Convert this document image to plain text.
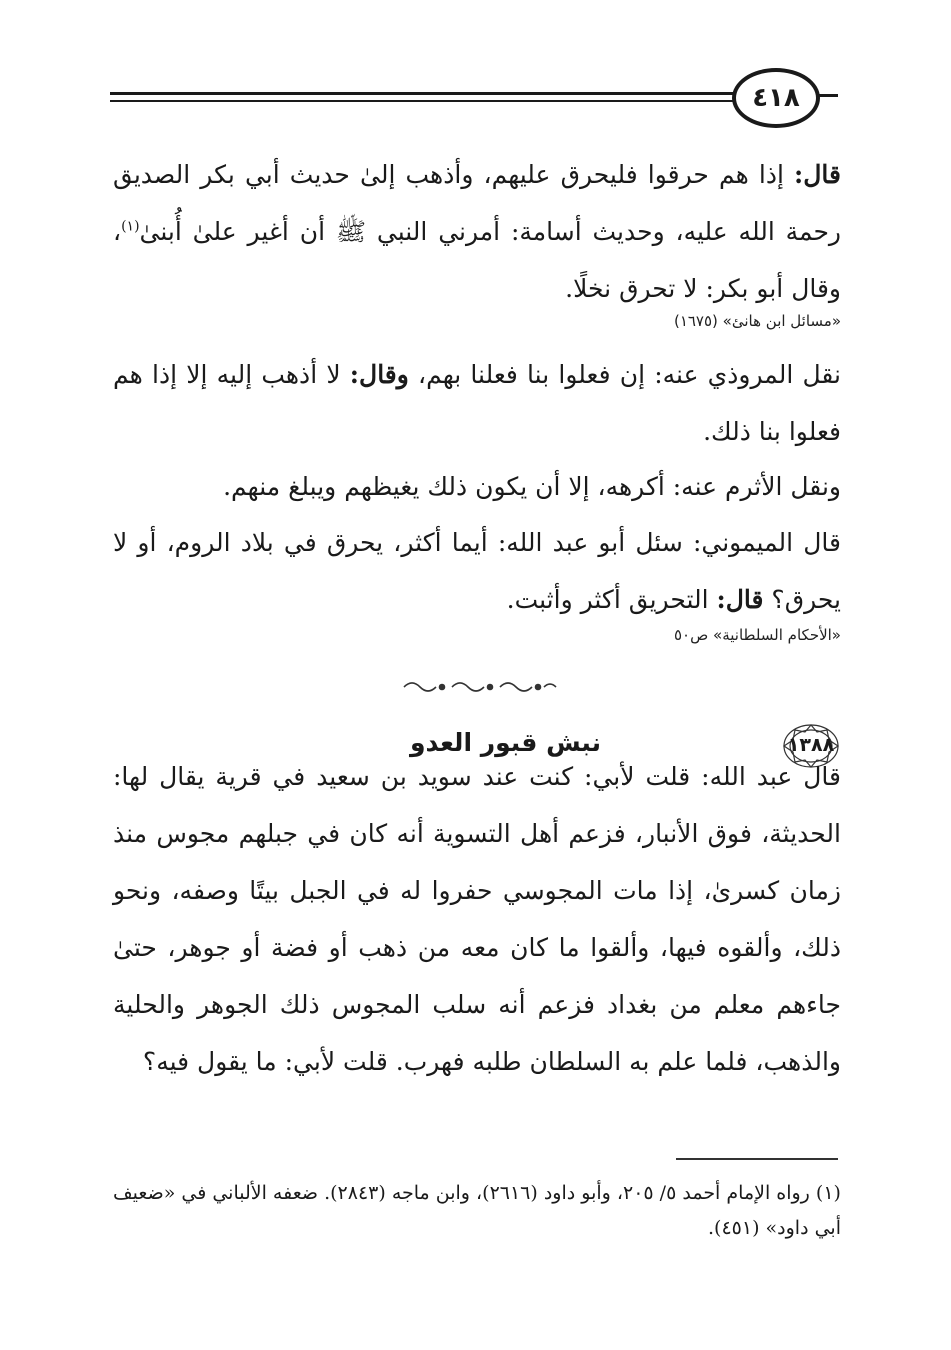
٤١٨

قال: إذا هم حرقوا فليحرق عليهم، وأذهب إلىٰ حديث أبي بكر الصديق رحمة الله عليه، وحديث أسامة: أمرني النبي ﷺ أن أغير علىٰ أُبنىٰ$^{(١)}$، وقال أبو بكر: لا تحرق نخلًا.

«مسائل ابن هانئ» (١٦٧٥)

نقل المروذي عنه: إن فعلوا بنا فعلنا بهم، وقال: لا أذهب إليه إلا إذا هم فعلوا بنا ذلك.

ونقل الأثرم عنه: أكرهه، إلا أن يكون ذلك يغيظهم ويبلغ منهم.

قال الميموني: سئل أبو عبد الله: أيما أكثر، يحرق في بلاد الروم، أو لا يحرق؟ قال: التحريق أكثر وأثبت.

«الأحكام السلطانية» ص٥٠
١٣٨٨
نبش قبور العدو

قال عبد الله: قلت لأبي: كنت عند سويد بن سعيد في قرية يقال لها: الحديثة، فوق الأنبار، فزعم أهل التسوية أنه كان في جبلهم مجوس منذ زمان كسرىٰ، إذا مات المجوسي حفروا له في الجبل بيتًا وصفه، ونحو ذلك، وألقوه فيها، وألقوا ما كان معه من ذهب أو فضة أو جوهر، حتىٰ جاءهم معلم من بغداد فزعم أنه سلب المجوس ذلك الجوهر والحلية والذهب، فلما علم به السلطان طلبه فهرب. قلت لأبي: ما يقول فيه؟

(١) رواه الإمام أحمد ٥/ ٢٠٥، وأبو داود (٢٦١٦)، وابن ماجه (٢٨٤٣). ضعفه الألباني في «ضعيف أبي داود» (٤٥١).
